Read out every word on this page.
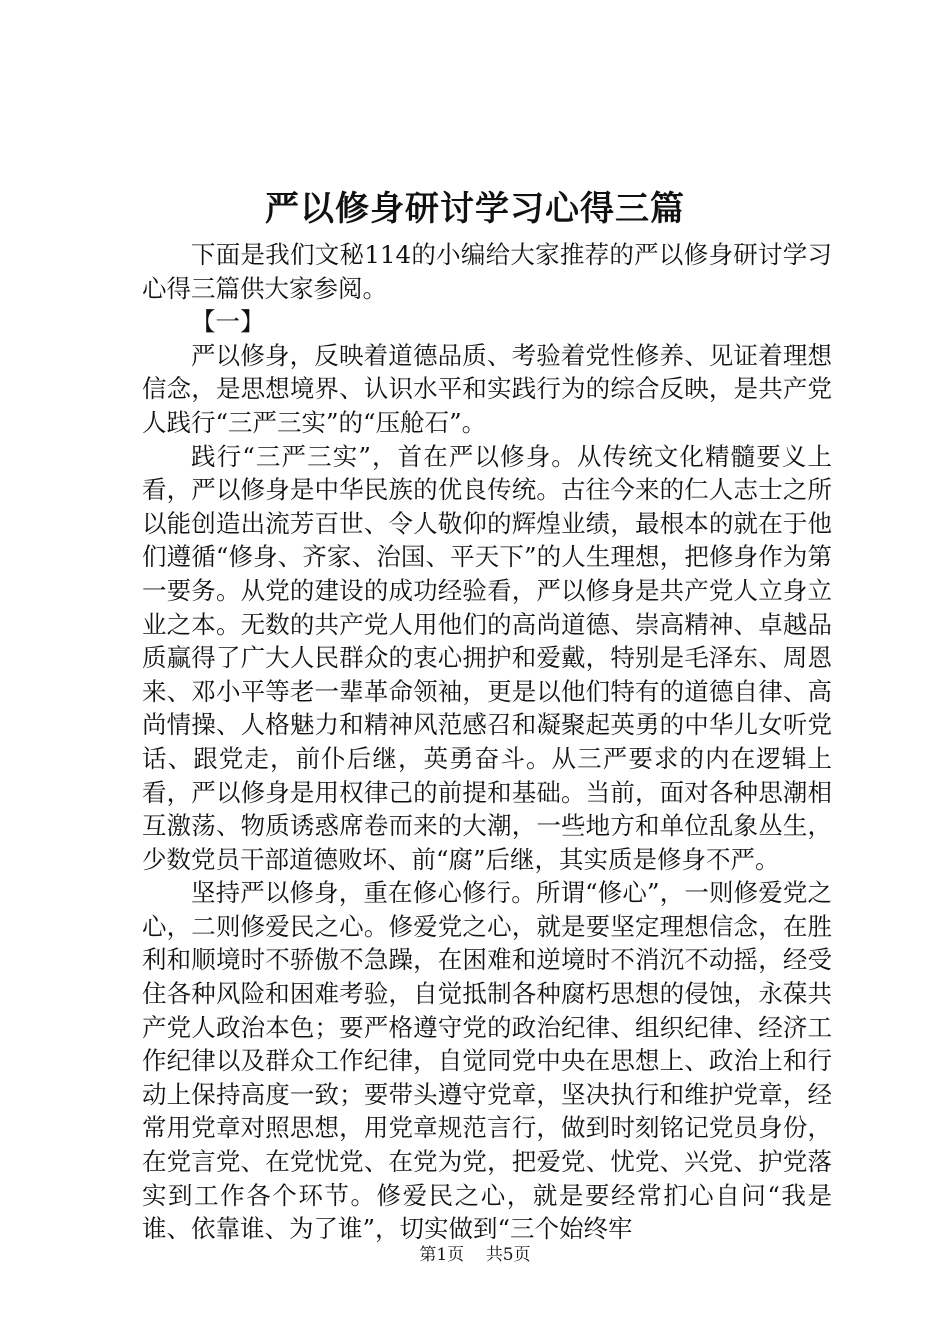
严以修身研讨学习心得三篇

下面是我们文秘114的小编给大家推荐的严以修身研讨学习心得三篇供大家参阅。

【一】

严以修身，反映着道德品质、考验着党性修养、见证着理想信念，是思想境界、认识水平和实践行为的综合反映，是共产党人践行“三严三实”的“压舱石”。

践行“三严三实”，首在严以修身。从传统文化精髓要义上看，严以修身是中华民族的优良传统。古往今来的仁人志士之所以能创造出流芳百世、令人敬仰的辉煌业绩，最根本的就在于他们遵循“修身、齐家、治国、平天下”的人生理想，把修身作为第一要务。从党的建设的成功经验看，严以修身是共产党人立身立业之本。无数的共产党人用他们的高尚道德、崇高精神、卓越品质赢得了广大人民群众的衷心拥护和爱戴，特别是毛泽东、周恩来、邓小平等老一辈革命领袖，更是以他们特有的道德自律、高尚情操、人格魅力和精神风范感召和凝聚起英勇的中华儿女听党话、跟党走，前仆后继，英勇奋斗。从三严要求的内在逻辑上看，严以修身是用权律己的前提和基础。当前，面对各种思潮相互激荡、物质诱惑席卷而来的大潮，一些地方和单位乱象丛生，少数党员干部道德败坏、前“腐”后继，其实质是修身不严。

坚持严以修身，重在修心修行。所谓“修心”，一则修爱党之心，二则修爱民之心。修爱党之心，就是要坚定理想信念，在胜利和顺境时不骄傲不急躁，在困难和逆境时不消沉不动摇，经受住各种风险和困难考验，自觉抵制各种腐朽思想的侵蚀，永葆共产党人政治本色；要严格遵守党的政治纪律、组织纪律、经济工作纪律以及群众工作纪律，自觉同党中央在思想上、政治上和行动上保持高度一致；要带头遵守党章，坚决执行和维护党章，经常用党章对照思想，用党章规范言行，做到时刻铭记党员身份，在党言党、在党忧党、在党为党，把爱党、忧党、兴党、护党落实到工作各个环节。修爱民之心，就是要经常扪心自问“我是谁、依靠谁、为了谁”，切实做到“三个始终牢

第1页 共5页
